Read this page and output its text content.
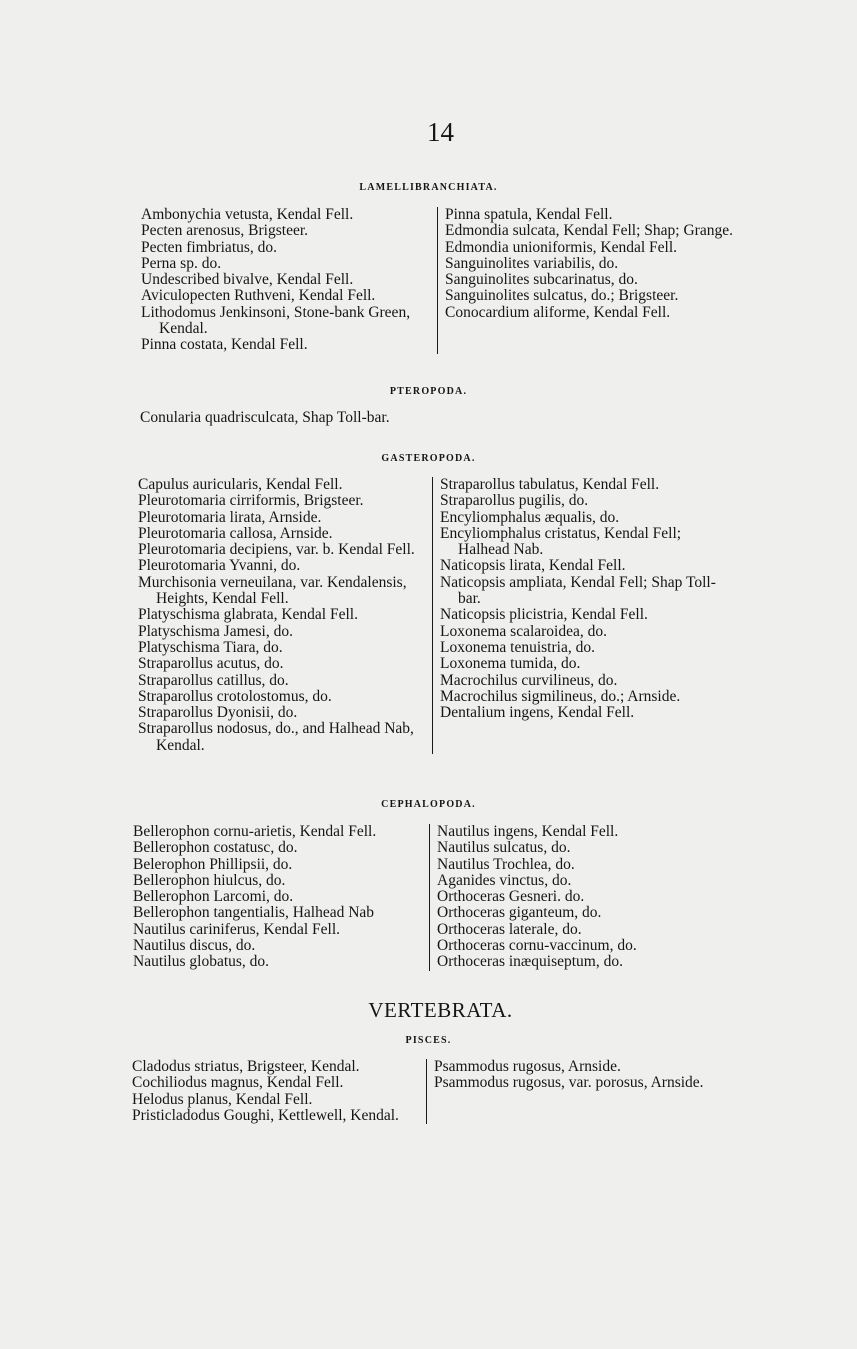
14
LAMELLIBRANCHIATA.
Ambonychia vetusta, Kendal Fell.
Pecten arenosus, Brigsteer.
Pecten fimbriatus, do.
Perna sp. do.
Undescribed bivalve, Kendal Fell.
Aviculopecten Ruthveni, Kendal Fell.
Lithodomus Jenkinsoni, Stone-bank Green, Kendal.
Pinna costata, Kendal Fell.
Pinna spatula, Kendal Fell.
Edmondia sulcata, Kendal Fell; Shap; Grange.
Edmondia unioniformis, Kendal Fell.
Sanguinolites variabilis, do.
Sanguinolites subcarinatus, do.
Sanguinolites sulcatus, do.; Brigsteer.
Conocardium aliforme, Kendal Fell.
PTEROPODA.
Conularia quadrisculcata, Shap Toll-bar.
GASTEROPODA.
Capulus auricularis, Kendal Fell.
Pleurotomaria cirriformis, Brigsteer.
Pleurotomaria lirata, Arnside.
Pleurotomaria callosa, Arnside.
Pleurotomaria decipiens, var. b. Kendal Fell.
Pleurotomaria Yvanni, do.
Murchisonia verneuilana, var. Kendalensis, Heights, Kendal Fell.
Platyschisma glabrata, Kendal Fell.
Platyschisma Jamesi, do.
Platyschisma Tiara, do.
Straparollus acutus, do.
Straparollus catillus, do.
Straparollus crotolostomus, do.
Straparollus Dyonisii, do.
Straparollus nodosus, do., and Halhead Nab, Kendal.
Straparollus tabulatus, Kendal Fell.
Straparollus pugilis, do.
Encyliomphalus æqualis, do.
Encyliomphalus cristatus, Kendal Fell; Halhead Nab.
Naticopsis lirata, Kendal Fell.
Naticopsis ampliata, Kendal Fell; Shap Toll-bar.
Naticopsis plicistria, Kendal Fell.
Loxonema scalaroidea, do.
Loxonema tenuistria, do.
Loxonema tumida, do.
Macrochilus curvilineus, do.
Macrochilus sigmilineus, do.; Arnside.
Dentalium ingens, Kendal Fell.
CEPHALOPODA.
Bellerophon cornu-arietis, Kendal Fell.
Bellerophon costatusc, do.
Belerophon Phillipsii, do.
Bellerophon hiulcus, do.
Bellerophon Larcomi, do.
Bellerophon tangentialis, Halhead Nab
Nautilus cariniferus, Kendal Fell.
Nautilus discus, do.
Nautilus globatus, do.
Nautilus ingens, Kendal Fell.
Nautilus sulcatus, do.
Nautilus Trochlea, do.
Aganides vinctus, do.
Orthoceras Gesneri. do.
Orthoceras giganteum, do.
Orthoceras laterale, do.
Orthoceras cornu-vaccinum, do.
Orthoceras inæquiseptum, do.
VERTEBRATA.
PISCES.
Cladodus striatus, Brigsteer, Kendal.
Cochiliodus magnus, Kendal Fell.
Helodus planus, Kendal Fell.
Pristicladodus Goughi, Kettlewell, Kendal.
Psammodus rugosus, Arnside.
Psammodus rugosus, var. porosus, Arnside.
